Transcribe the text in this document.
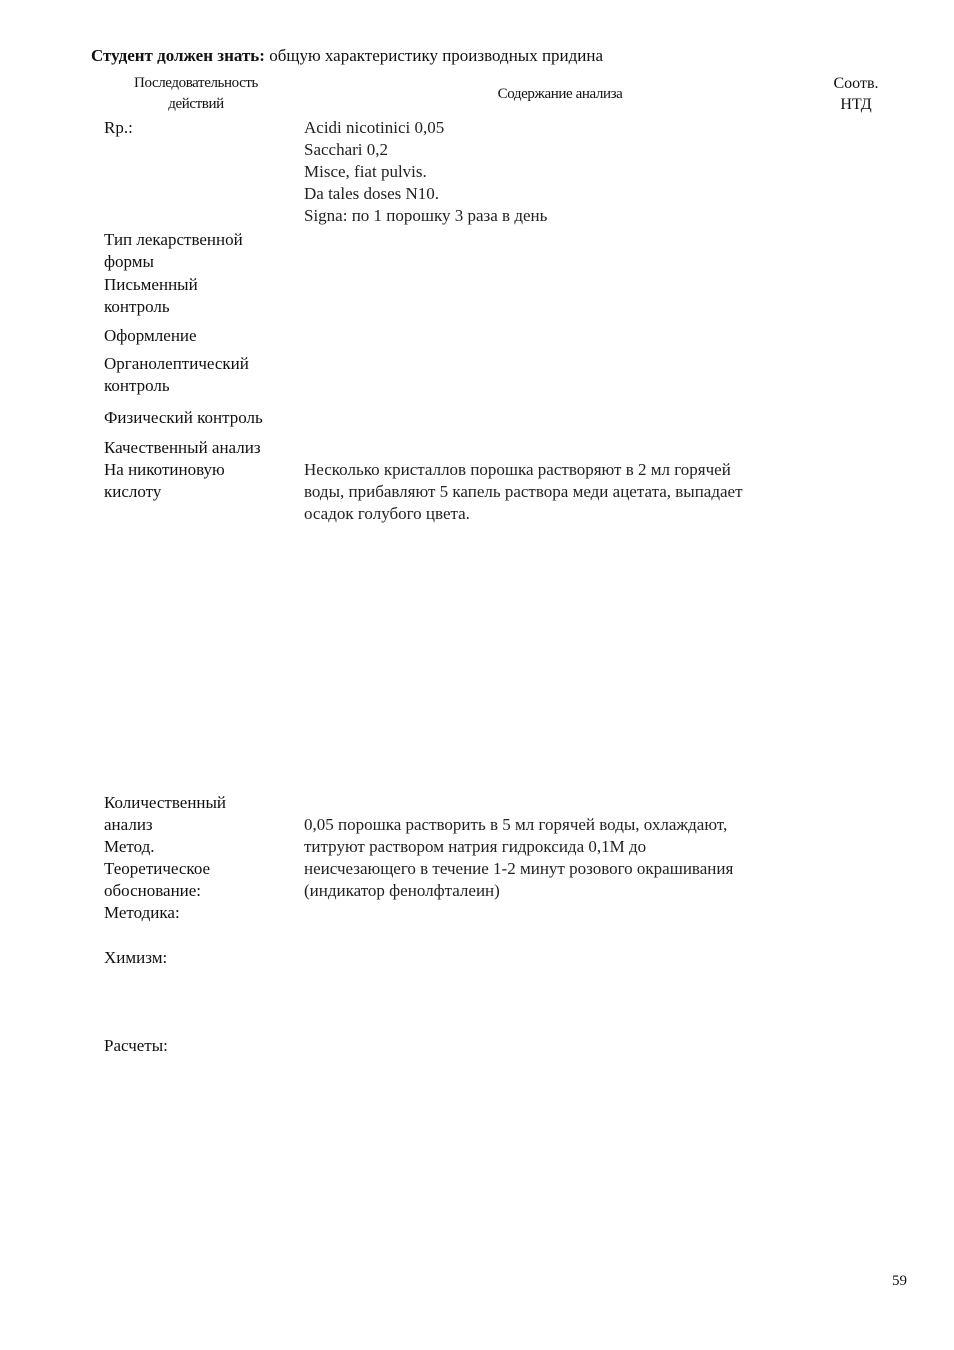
Студент должен знать: общую характеристику производных придина
Последовательность
действий
Содержание анализа
Соотв.
НТД
Rp.:	Acidi nicotinici 0,05
Sacchari 0,2
Misce, fiat pulvis.
Da tales doses N10.
Signa: по 1 порошку 3 раза в день
Тип лекарственной
формы
Письменный
контроль
Оформление
Органолептический
контроль
Физический контроль
Качественный анализ
На никотиновую
кислоту
Несколько кристаллов порошка растворяют в 2 мл горячей
воды, прибавляют 5 капель раствора меди ацетата, выпадает
осадок голубого цвета.
Количественный
анализ
Метод.
Теоретическое
обоснование:
Методика:
0,05 порошка растворить в 5 мл горячей воды, охлаждают,
титруют раствором натрия гидроксида 0,1М до
неисчезающего в течение 1-2 минут розового окрашивания
(индикатор фенолфталеин)
Химизм:
Расчеты:
59
